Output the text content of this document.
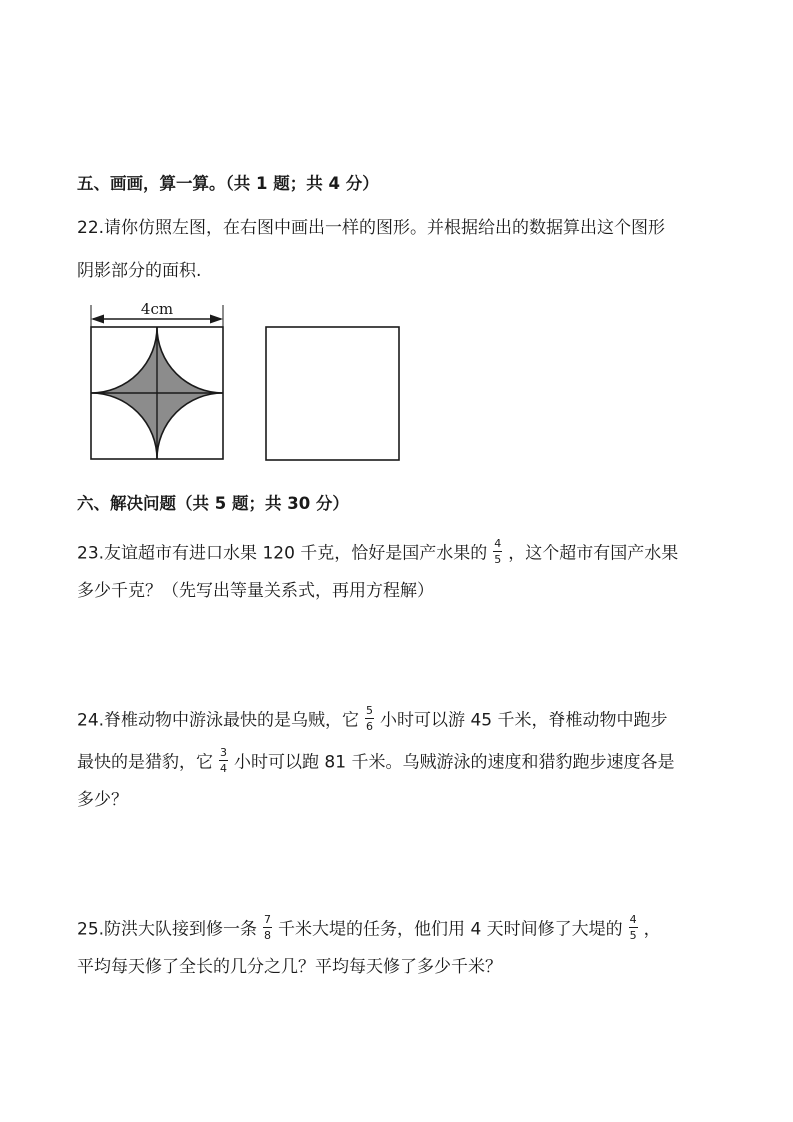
五、画画，算一算。（共 1 题；共 4 分）
22.请你仿照左图，在右图中画出一样的图形。并根据给出的数据算出这个图形
阴影部分的面积.
4cm
六、解决问题（共 5 题；共 30 分）
23.友谊超市有进口水果 120 千克，恰好是国产水果的 $\frac{4}{5}$ ，这个超市有国产水果
多少千克？（先写出等量关系式，再用方程解）
24.脊椎动物中游泳最快的是乌贼，它 $\frac{5}{6}$ 小时可以游 45 千米，脊椎动物中跑步
最快的是猎豹，它 $\frac{3}{4}$ 小时可以跑 81 千米。乌贼游泳的速度和猎豹跑步速度各是
多少？
25.防洪大队接到修一条 $\frac{7}{8}$ 千米大堤的任务，他们用 4 天时间修了大堤的 $\frac{4}{5}$ ，
平均每天修了全长的几分之几？平均每天修了多少千米？
